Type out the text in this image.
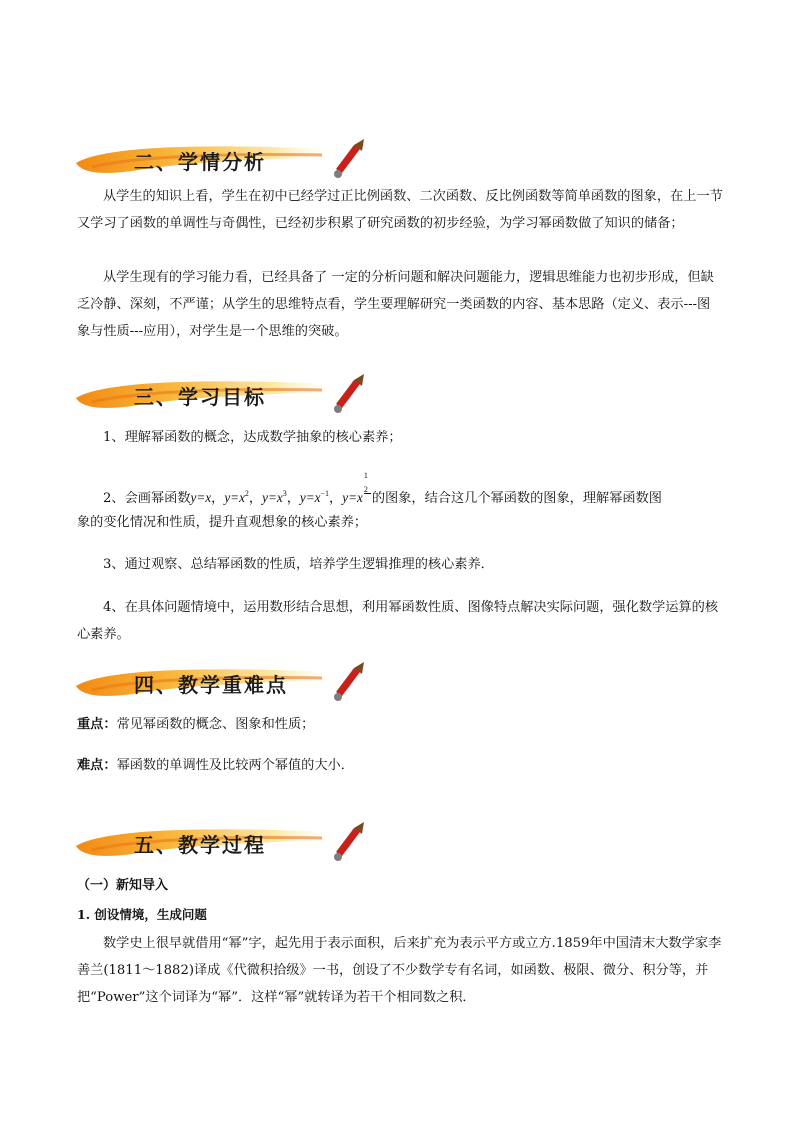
二、学情分析
从学生的知识上看，学生在初中已经学过正比例函数、二次函数、反比例函数等简单函数的图象，在上一节又学习了函数的单调性与奇偶性，已经初步积累了研究函数的初步经验，为学习幂函数做了知识的储备；
从学生现有的学习能力看，已经具备了 一定的分析问题和解决问题能力，逻辑思维能力也初步形成，但缺乏冷静、深刻，不严谨；从学生的思维特点看，学生要理解研究一类函数的内容、基本思路（定义、表示---图象与性质---应用），对学生是一个思维的突破。
三、学习目标
1、理解幂函数的概念，达成数学抽象的核心素养；
2、会画幂函数y=x，$y=x^2$，$y=x^3$，$y=x^{-1}$，y=x
$\frac{1}{2}$
的图象，结合这几个幂函数的图象，理解幂函数图
象的变化情况和性质，提升直观想象的核心素养；
3、通过观察、总结幂函数的性质，培养学生逻辑推理的核心素养．
4、在具体问题情境中，运用数形结合思想，利用幂函数性质、图像特点解决实际问题，强化数学运算的核心素养。
四、教学重难点
重点：常见幂函数的概念、图象和性质；
难点：幂函数的单调性及比较两个幂值的大小．
五、教学过程
（一）新知导入
1. 创设情境，生成问题
数学史上很早就借用“幂”字，起先用于表示面积，后来扩充为表示平方或立方.1859年中国清末大数学家李善兰(1811～1882)译成《代微积拾级》一书，创设了不少数学专有名词，如函数、极限、微分、积分等，并把“Power”这个词译为“幂”．这样“幂”就转译为若干个相同数之积．
